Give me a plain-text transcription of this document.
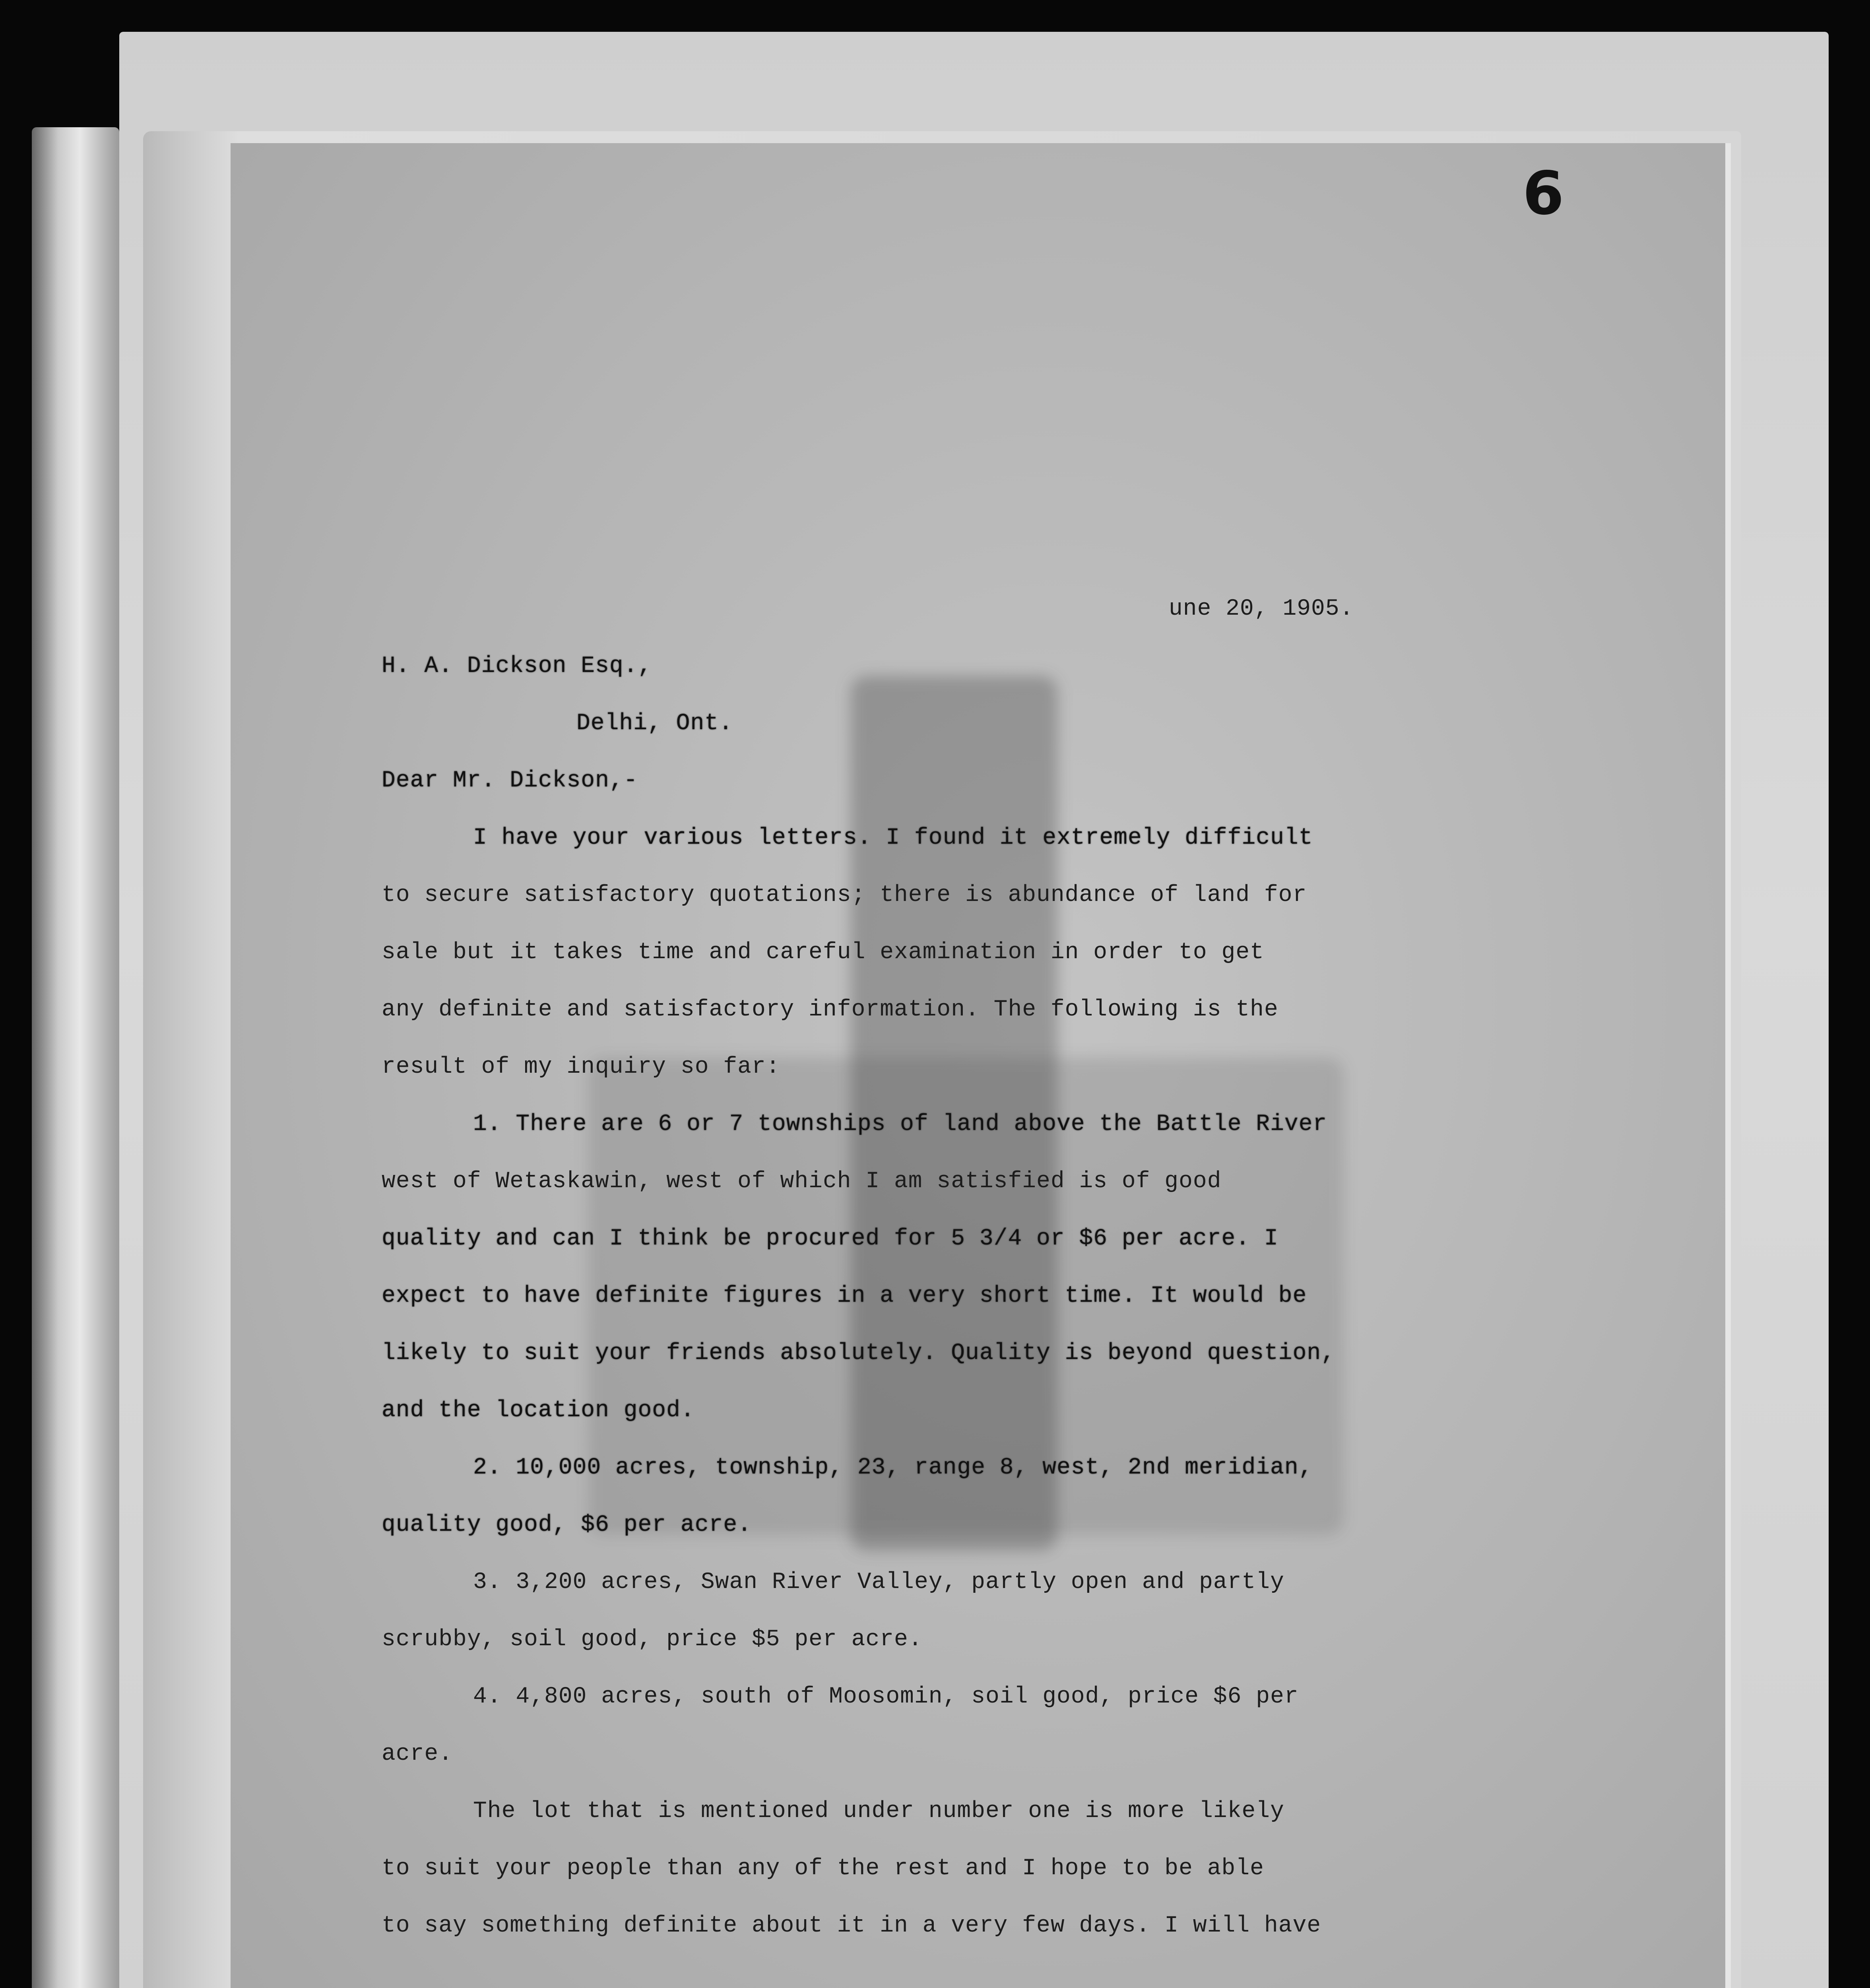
6

une 20, 1905.

H. A. Dickson Esq.,

Delhi, Ont.

Dear Mr. Dickson,-

I have your various letters. I found it extremely difficult

to secure satisfactory quotations; there is abundance of land for

sale but it takes time and careful examination in order to get

any definite and satisfactory information. The following is the

result of my inquiry so far:

1. There are 6 or 7 townships of land above the Battle River

west of Wetaskawin, west of which I am satisfied is of good

quality and can I think be procured for 5 3/4 or $6 per acre. I

expect to have definite figures in a very short time. It would be

likely to suit your friends absolutely. Quality is beyond question,

and the location good.

2. 10,000 acres, township, 23, range 8, west, 2nd meridian,

quality good, $6 per acre.

3. 3,200 acres, Swan River Valley, partly open and partly

scrubby, soil good, price $5 per acre.

4. 4,800 acres, south of Moosomin, soil good, price $6 per

acre.

The lot that is mentioned under number one is more likely

to suit your people than any of the rest and I hope to be able

to say something definite about it in a very few days. I will have
